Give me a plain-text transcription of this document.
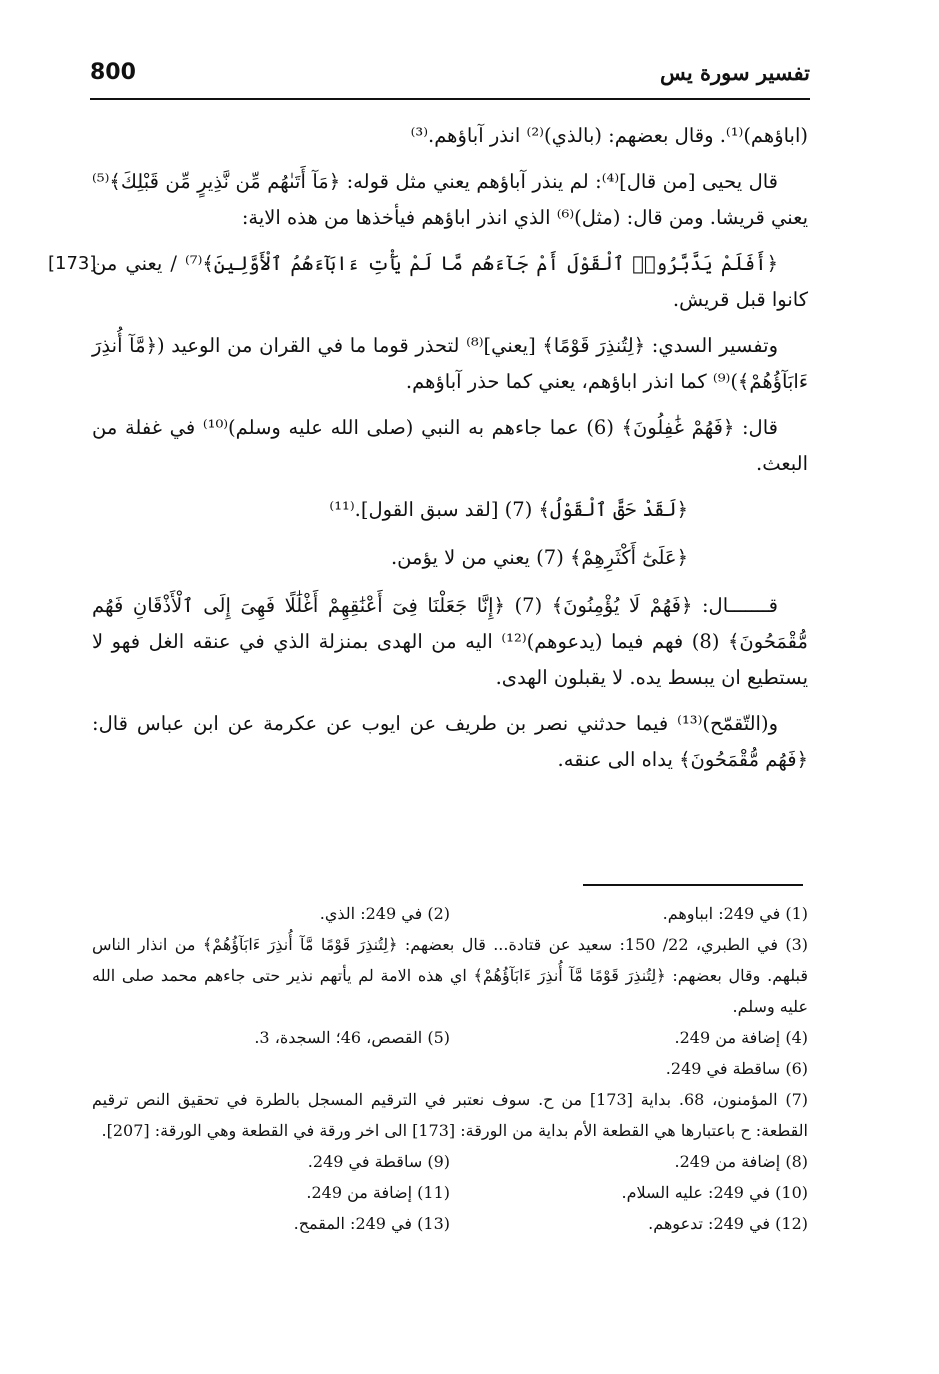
800	تفسير سورة يس

(اباؤهم)⁽¹⁾. وقال بعضهم: (بالذي)⁽²⁾ انذر آباؤهم.⁽³⁾

قال يحيى [من قال]⁽⁴⁾: لم ينذر آباؤهم يعني مثل قوله: ﴿مَآ أَتَىٰهُم مِّن نَّذِيرٍ مِّن قَبْلِكَ﴾⁽⁵⁾ يعني قريشا. ومن قال: (مثل)⁽⁶⁾ الذي انذر اباؤهم فيأخذها من هذه الاية:

﴿أَفَلَمْ يَدَّبَّرُوا۟ ٱلْقَوْلَ أَمْ جَآءَهُم مَّا لَمْ يَأْتِ ءَابَآءَهُمُ ٱلْأَوَّلِينَ﴾⁽⁷⁾ / يعني من كانوا قبل قريش.
[173]

وتفسير السدي: ﴿لِتُنذِرَ قَوْمًا﴾ [يعني]⁽⁸⁾ لتحذر قوما ما في القران من الوعيد (﴿مَّآ أُنذِرَ ءَابَآؤُهُمْ﴾)⁽⁹⁾ كما انذر اباؤهم، يعني كما حذر آباؤهم.

قال: ﴿فَهُمْ غَٰفِلُونَ﴾ (6) عما جاءهم به النبي (صلى الله عليه وسلم)⁽¹⁰⁾ في غفلة من البعث.

﴿لَقَدْ حَقَّ ٱلْقَوْلُ﴾ (7) [لقد سبق القول].⁽¹¹⁾

﴿عَلَىٰٓ أَكْثَرِهِمْ﴾ (7) يعني من لا يؤمن.

قـــــــال: ﴿فَهُمْ لَا يُؤْمِنُونَ﴾ (7) ﴿إِنَّا جَعَلْنَا فِىٓ أَعْنَٰقِهِمْ أَغْلَٰلًا فَهِىَ إِلَى ٱلْأَذْقَانِ فَهُم مُّقْمَحُونَ﴾ (8) فهم فيما (يدعوهم)⁽¹²⁾ اليه من الهدى بمنزلة الذي في عنقه الغل فهو لا يستطيع ان يبسط يده. لا يقبلون الهدى.

و(التّقمّح)⁽¹³⁾ فيما حدثني نصر بن طريف عن ايوب عن عكرمة عن ابن عباس قال: ﴿فَهُم مُّقْمَحُونَ﴾ يداه الى عنقه.

(1) في 249: ابباوهم.
(2) في 249: الذي.
(3) في الطبري، 22/ 150: سعيد عن قتادة... قال بعضهم: ﴿لِتُنذِرَ قَوْمًا مَّآ أُنذِرَ ءَابَآؤُهُمْ﴾ من انذار الناس قبلهم. وقال بعضهم: ﴿لِتُنذِرَ قَوْمًا مَّآ أُنذِرَ ءَابَآؤُهُمْ﴾ اي هذه الامة لم يأتهم نذير حتى جاءهم محمد صلى الله عليه وسلم.
(4) إضافة من 249.
(5) القصص، 46؛ السجدة، 3.
(6) ساقطة في 249.
(7) المؤمنون، 68. بداية [173] من ح. سوف نعتبر في الترقيم المسجل بالطرة في تحقيق النص ترقيم القطعة: ح باعتبارها هي القطعة الأم بداية من الورقة: [173] الى اخر ورقة في القطعة وهي الورقة: [207].
(8) إضافة من 249.
(9) ساقطة في 249.
(10) في 249: عليه السلام.
(11) إضافة من 249.
(12) في 249: تدعوهم.
(13) في 249: المقمح.
